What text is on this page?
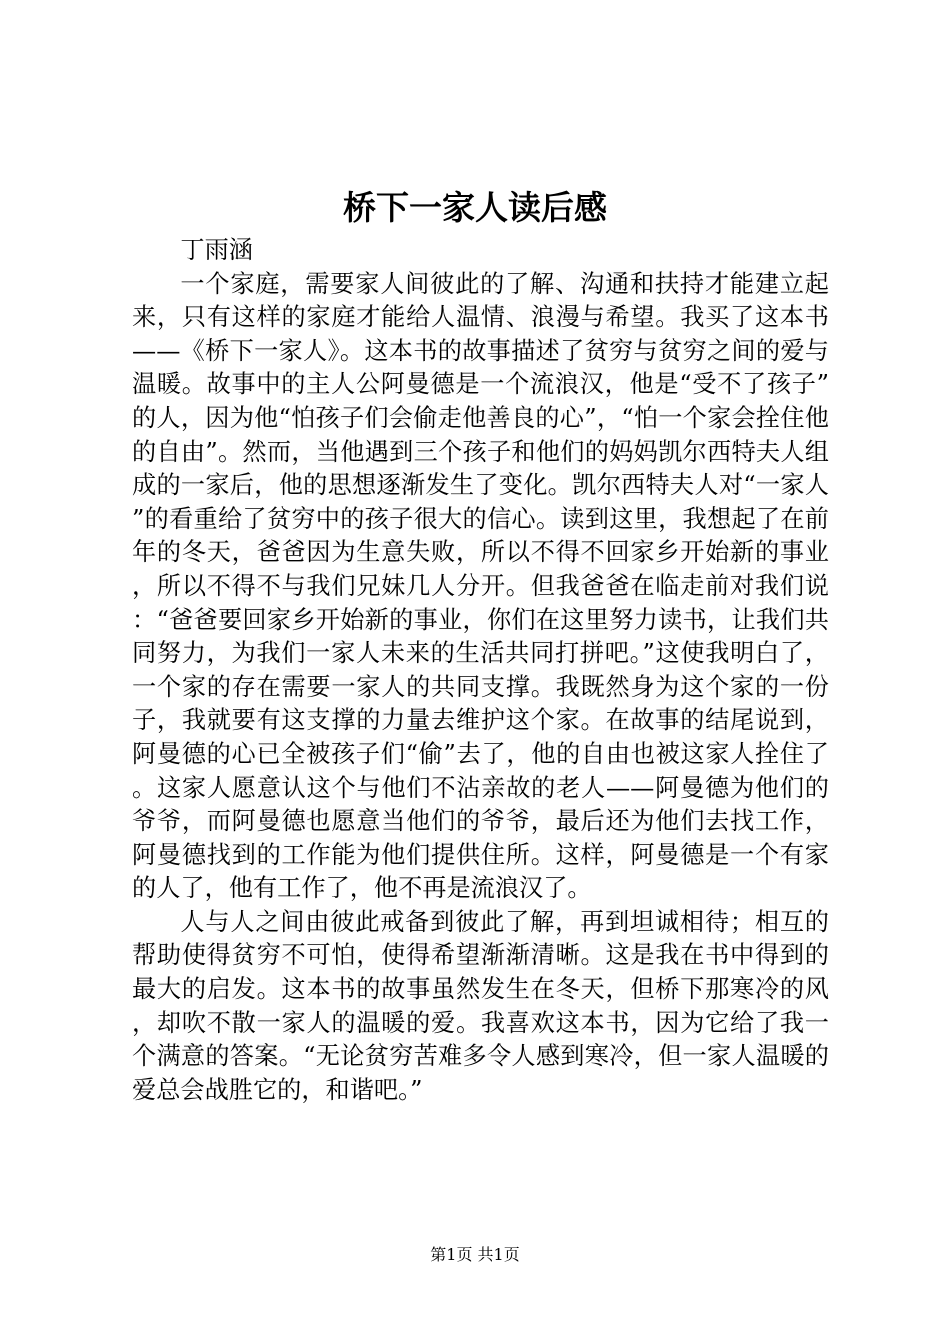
桥下一家人读后感

丁雨涵

一个家庭，需要家人间彼此的了解、沟通和扶持才能建立起来，只有这样的家庭才能给人温情、浪漫与希望。我买了这本书——《桥下一家人》。这本书的故事描述了贫穷与贫穷之间的爱与温暖。故事中的主人公阿曼德是一个流浪汉，他是“受不了孩子”的人，因为他“怕孩子们会偷走他善良的心”，“怕一个家会拴住他的自由”。然而，当他遇到三个孩子和他们的妈妈凯尔西特夫人组成的一家后，他的思想逐渐发生了变化。凯尔西特夫人对“一家人”的看重给了贫穷中的孩子很大的信心。读到这里，我想起了在前年的冬天，爸爸因为生意失败，所以不得不回家乡开始新的事业，所以不得不与我们兄妹几人分开。但我爸爸在临走前对我们说：“爸爸要回家乡开始新的事业，你们在这里努力读书，让我们共同努力，为我们一家人未来的生活共同打拼吧。”这使我明白了，一个家的存在需要一家人的共同支撑。我既然身为这个家的一份子，我就要有这支撑的力量去维护这个家。在故事的结尾说到，阿曼德的心已全被孩子们“偷”去了，他的自由也被这家人拴住了。这家人愿意认这个与他们不沾亲故的老人——阿曼德为他们的爷爷，而阿曼德也愿意当他们的爷爷，最后还为他们去找工作，阿曼德找到的工作能为他们提供住所。这样，阿曼德是一个有家的人了，他有工作了，他不再是流浪汉了。

人与人之间由彼此戒备到彼此了解，再到坦诚相待；相互的帮助使得贫穷不可怕，使得希望渐渐清晰。这是我在书中得到的最大的启发。这本书的故事虽然发生在冬天，但桥下那寒冷的风，却吹不散一家人的温暖的爱。我喜欢这本书，因为它给了我一个满意的答案。“无论贫穷苦难多令人感到寒冷，但一家人温暖的爱总会战胜它的，和谐吧。”

第1页 共1页
